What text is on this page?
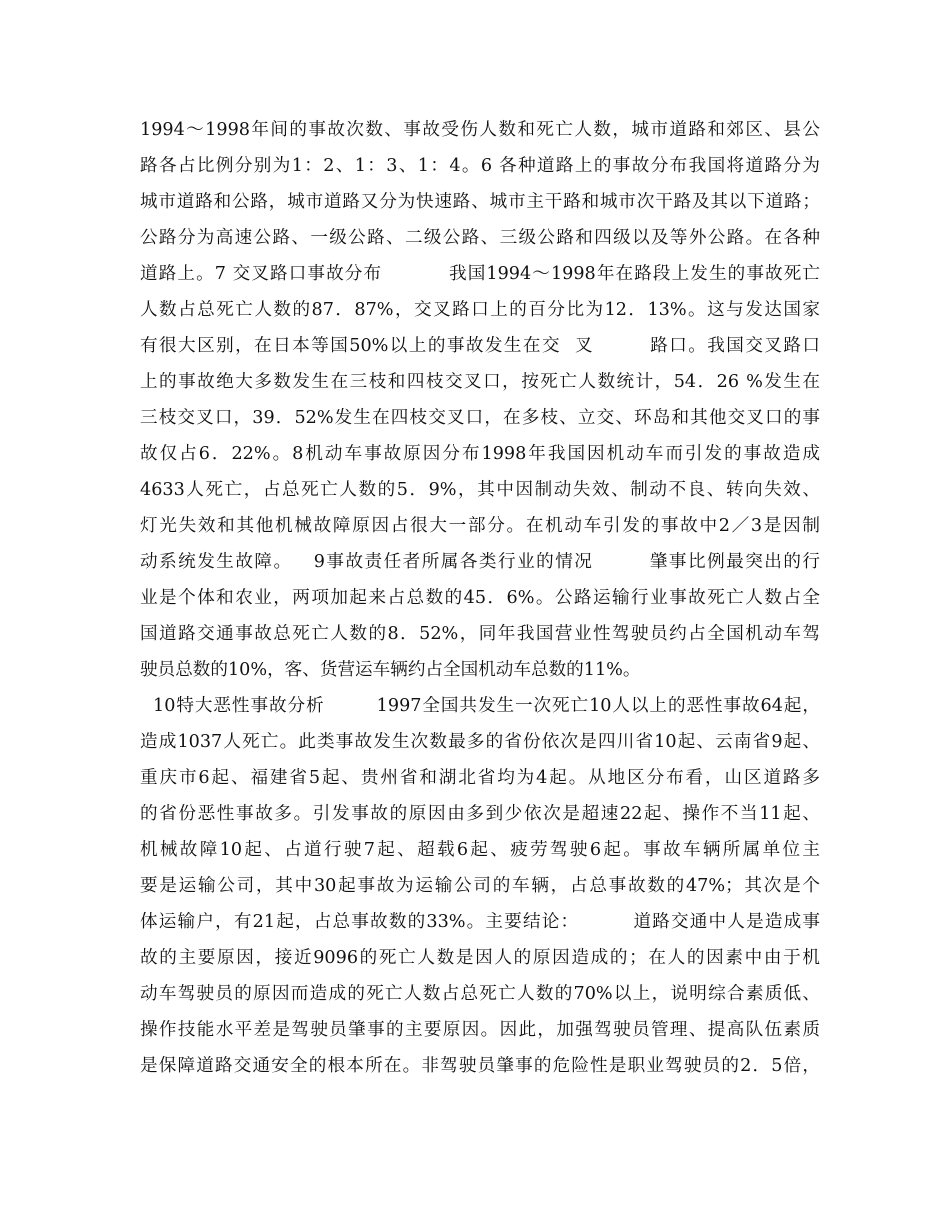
1994～1998年间的事故次数、事故受伤人数和死亡人数，城市道路和郊区、县公
路各占比例分别为1：2、1：3、1：4。6 各种道路上的事故分布我国将道路分为
城市道路和公路，城市道路又分为快速路、城市主干路和城市次干路及其以下道路；
公路分为高速公路、一级公路、二级公路、三级公路和四级以及等外公路。在各种
道路上。7 交叉路口事故分布          我国1994～1998年在路段上发生的事故死亡
人数占总死亡人数的87．87%，交叉路口上的百分比为12．13%。这与发达国家
有很大区别，在日本等国50%以上的事故发生在交  叉        路口。我国交叉路口
上的事故绝大多数发生在三枝和四枝交叉口，按死亡人数统计，54．26 %发生在
三枝交叉口，39．52%发生在四枝交叉口，在多枝、立交、环岛和其他交叉口的事
故仅占6．22%。8机动车事故原因分布1998年我国因机动车而引发的事故造成
4633人死亡，占总死亡人数的5．9%，其中因制动失效、制动不良、转向失效、
灯光失效和其他机械故障原因占很大一部分。在机动车引发的事故中2／3是因制
动系统发生故障。   9事故责任者所属各类行业的情况        肇事比例最突出的行
业是个体和农业，两项加起来占总数的45．6%。公路运输行业事故死亡人数占全
国道路交通事故总死亡人数的8．52%，同年我国营业性驾驶员约占全国机动车驾
驶员总数的10%，客、货营运车辆约占全国机动车总数的11%。
10特大恶性事故分析        1997全国共发生一次死亡10人以上的恶性事故64起，
造成1037人死亡。此类事故发生次数最多的省份依次是四川省10起、云南省9起、
重庆市6起、福建省5起、贵州省和湖北省均为4起。从地区分布看，山区道路多
的省份恶性事故多。引发事故的原因由多到少依次是超速22起、操作不当11起、
机械故障10起、占道行驶7起、超载6起、疲劳驾驶6起。事故车辆所属单位主
要是运输公司，其中30起事故为运输公司的车辆，占总事故数的47%；其次是个
体运输户，有21起，占总事故数的33%。主要结论：        道路交通中人是造成事
故的主要原因，接近9096的死亡人数是因人的原因造成的；在人的因素中由于机
动车驾驶员的原因而造成的死亡人数占总死亡人数的70%以上，说明综合素质低、
操作技能水平差是驾驶员肇事的主要原因。因此，加强驾驶员管理、提高队伍素质
是保障道路交通安全的根本所在。非驾驶员肇事的危险性是职业驾驶员的2．5倍，
